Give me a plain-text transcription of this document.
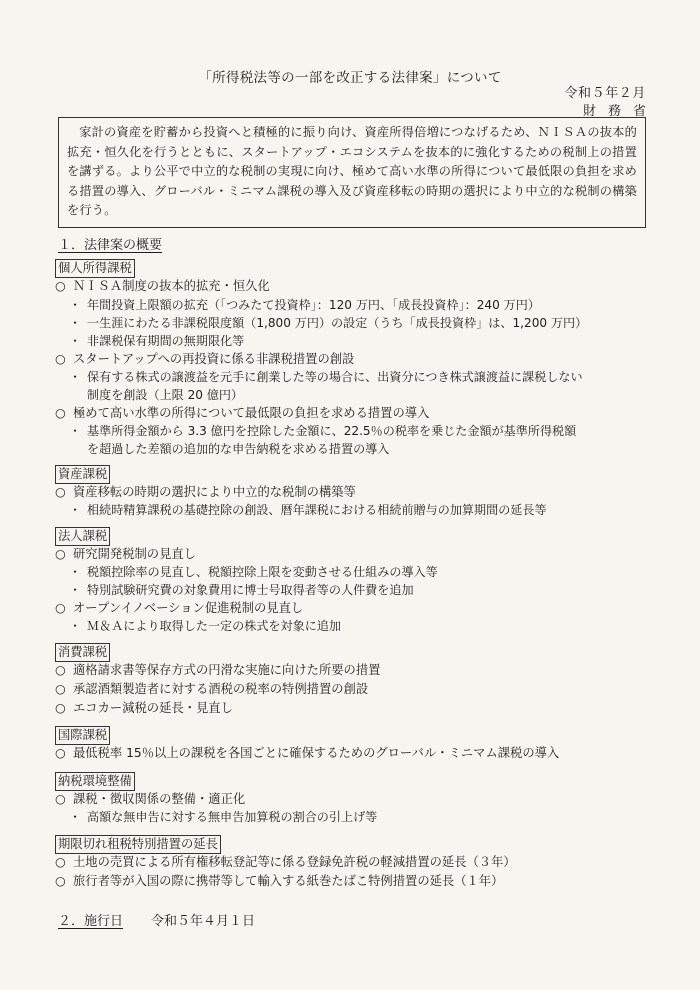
「所得税法等の一部を改正する法律案」について
令和５年２月
財務省
家計の資産を貯蓄から投資へと積極的に振り向け、資産所得倍増につなげるため、ＮＩＳＡの抜本的拡充・恒久化を行うとともに、スタートアップ・エコシステムを抜本的に強化するための税制上の措置を講ずる。より公平で中立的な税制の実現に向け、極めて高い水準の所得について最低限の負担を求める措置の導入、グローバル・ミニマム課税の導入及び資産移転の時期の選択により中立的な税制の構築を行う。
１．法律案の概要
個人所得課税
○ ＮＩＳＡ制度の抜本的拡充・恒久化
・ 年間投資上限額の拡充（「つみたて投資枠」：120 万円、「成長投資枠」：240 万円）
・ 一生涯にわたる非課税限度額（1,800 万円）の設定（うち「成長投資枠」は、1,200 万円）
・ 非課税保有期間の無期限化等
○ スタートアップへの再投資に係る非課税措置の創設
・ 保有する株式の譲渡益を元手に創業した等の場合に、出資分につき株式譲渡益に課税しない
制度を創設（上限 20 億円）
○ 極めて高い水準の所得について最低限の負担を求める措置の導入
・ 基準所得金額から 3.3 億円を控除した金額に、22.5％の税率を乗じた金額が基準所得税額
を超過した差額の追加的な申告納税を求める措置の導入
資産課税
○ 資産移転の時期の選択により中立的な税制の構築等
・ 相続時精算課税の基礎控除の創設、暦年課税における相続前贈与の加算期間の延長等
法人課税
○ 研究開発税制の見直し
・ 税額控除率の見直し、税額控除上限を変動させる仕組みの導入等
・ 特別試験研究費の対象費用に博士号取得者等の人件費を追加
○ オープンイノベーション促進税制の見直し
・ Ｍ＆Ａにより取得した一定の株式を対象に追加
消費課税
○ 適格請求書等保存方式の円滑な実施に向けた所要の措置
○ 承認酒類製造者に対する酒税の税率の特例措置の創設
○ エコカー減税の延長・見直し
国際課税
○ 最低税率 15％以上の課税を各国ごとに確保するためのグローバル・ミニマム課税の導入
納税環境整備
○ 課税・徴収関係の整備・適正化
・ 高額な無申告に対する無申告加算税の割合の引上げ等
期限切れ租税特別措置の延長
○ 土地の売買による所有権移転登記等に係る登録免許税の軽減措置の延長（３年）
○ 旅行者等が入国の際に携帯等して輸入する紙巻たばこ特例措置の延長（１年）
２．施行日 令和５年４月１日
